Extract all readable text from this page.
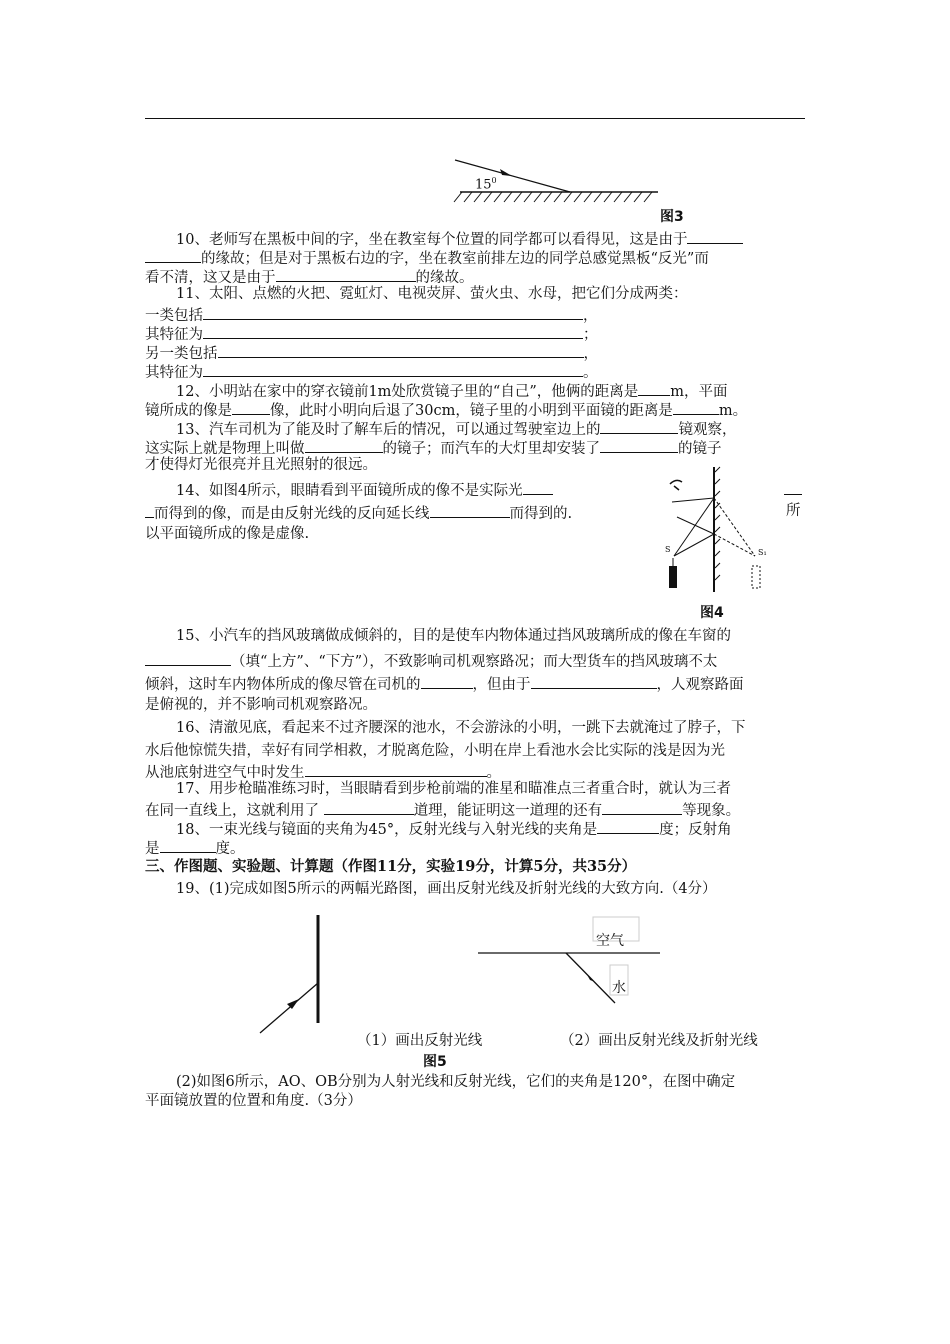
$15^0$
图3
10、老师写在黑板中间的字，坐在教室每个位置的同学都可以看得见，这是由于
的缘故；但是对于黑板右边的字，坐在教室前排左边的同学总感觉黑板“反光”而
看不清，这又是由于	的缘故。
11、太阳、点燃的火把、霓虹灯、电视荧屏、萤火虫、水母，把它们分成两类：
一类包括	，
其特征为	；
另一类包括	，
其特征为	。
12、小明站在家中的穿衣镜前1m处欣赏镜子里的“自己”，他俩的距离是 m，平面
镜所成的像是	像，此时小明向后退了30cm，镜子里的小明到平面镜的距离是	m。
13、汽车司机为了能及时了解车后的情况，可以通过驾驶室边上的	镜观察，
这实际上就是物理上叫做	的镜子；而汽车的大灯里却安装了	的镜子
才使得灯光很亮并且光照射的很远。
14、如图4所示，眼睛看到平面镜所成的像不是实际光
而得到的像，而是由反射光线的反向延长线	而得到的.	所
以平面镜所成的像是虚像.
S	S₁
图4
15、小汽车的挡风玻璃做成倾斜的，目的是使车内物体通过挡风玻璃所成的像在车窗的
（填“上方”、“下方”），不致影响司机观察路况；而大型货车的挡风玻璃不太
倾斜，这时车内物体所成的像尽管在司机的	，但由于	，人观察路面
是俯视的，并不影响司机观察路况。
16、清澈见底，看起来不过齐腰深的池水，不会游泳的小明，一跳下去就淹过了脖子，下
水后他惊慌失措，幸好有同学相救，才脱离危险，小明在岸上看池水会比实际的浅是因为光
从池底射进空气中时发生	。
17、用步枪瞄准练习时，当眼睛看到步枪前端的准星和瞄准点三者重合时，就认为三者
在同一直线上，这就利用了	道理，能证明这一道理的还有	等现象。
18、一束光线与镜面的夹角为45°，反射光线与入射光线的夹角是	度；反射角
是	度。
三、作图题、实验题、计算题（作图11分，实验19分，计算5分，共35分）
19、(1)完成如图5所示的两幅光路图，画出反射光线及折射光线的大致方向.（4分）
空气
水
（1）画出反射光线	（2）画出反射光线及折射光线
图5
(2)如图6所示，AO、OB分别为人射光线和反射光线，它们的夹角是120°，在图中确定
平面镜放置的位置和角度.（3分）
